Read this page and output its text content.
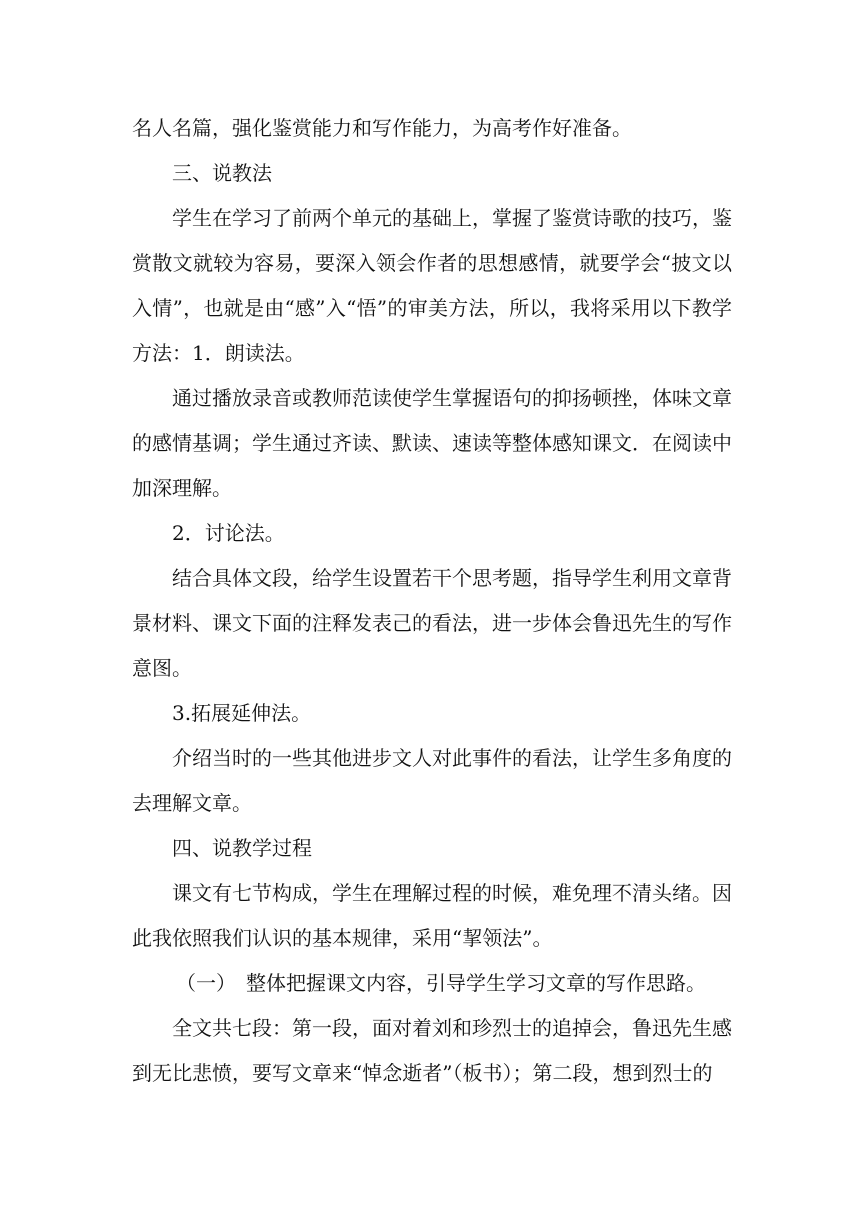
名人名篇，强化鉴赏能力和写作能力，为高考作好准备。

三、说教法

学生在学习了前两个单元的基础上，掌握了鉴赏诗歌的技巧，鉴赏散文就较为容易，要深入领会作者的思想感情，就要学会“披文以入情”，也就是由“感”入“悟”的审美方法，所以，我将采用以下教学方法：1．朗读法。

通过播放录音或教师范读使学生掌握语句的抑扬顿挫，体味文章的感情基调；学生通过齐读、默读、速读等整体感知课文．在阅读中加深理解。

2．讨论法。

结合具体文段，给学生设置若干个思考题，指导学生利用文章背景材料、课文下面的注释发表己的看法，进一步体会鲁迅先生的写作意图。

3.拓展延伸法。

介绍当时的一些其他进步文人对此事件的看法，让学生多角度的去理解文章。

四、说教学过程

课文有七节构成，学生在理解过程的时候，难免理不清头绪。因此我依照我们认识的基本规律，采用“挈领法”。

（一）　整体把握课文内容，引导学生学习文章的写作思路。

全文共七段：第一段，面对着刘和珍烈士的追掉会，鲁迅先生感到无比悲愤，要写文章来“悼念逝者”（板书）；第二段，想到烈士的
